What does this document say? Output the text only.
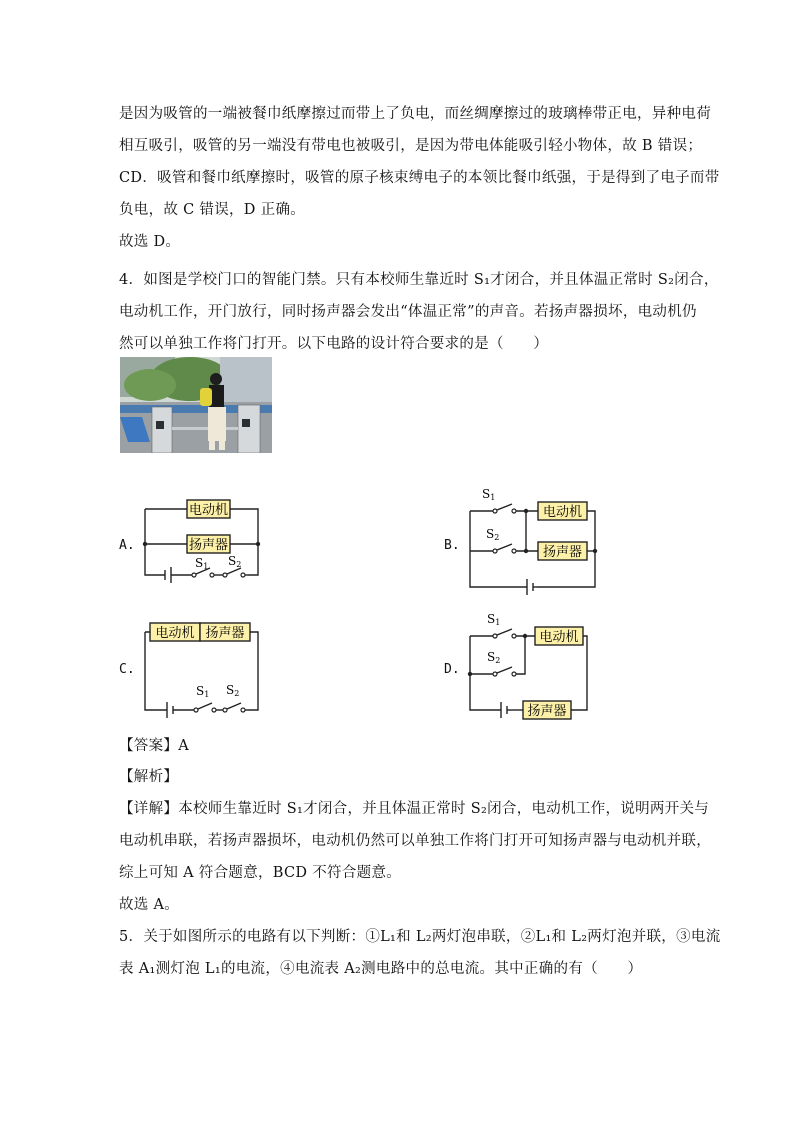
是因为吸管的一端被餐巾纸摩擦过而带上了负电，而丝绸摩擦过的玻璃棒带正电，异种电荷
相互吸引，吸管的另一端没有带电也被吸引，是因为带电体能吸引轻小物体，故 B 错误；
CD．吸管和餐巾纸摩擦时，吸管的原子核束缚电子的本领比餐巾纸强，于是得到了电子而带
负电，故 C 错误，D 正确。
故选 D。
4．如图是学校门口的智能门禁。只有本校师生靠近时 S₁才闭合，并且体温正常时 S₂闭合，
电动机工作，开门放行，同时扬声器会发出“体温正常”的声音。若扬声器损坏，电动机仍
然可以单独工作将门打开。以下电路的设计符合要求的是（　　）
A.
电动机
扬声器
S1 S2
B.
电动机
扬声器
S1
S2
C.
电动机 扬声器
S1 S2
D.
电动机
扬声器
S1
S2
【答案】A
【解析】
【详解】本校师生靠近时 S₁才闭合，并且体温正常时 S₂闭合，电动机工作，说明两开关与
电动机串联，若扬声器损坏，电动机仍然可以单独工作将门打开可知扬声器与电动机并联，
综上可知 A 符合题意，BCD 不符合题意。
故选 A。
5．关于如图所示的电路有以下判断：①L₁和 L₂两灯泡串联，②L₁和 L₂两灯泡并联，③电流
表 A₁测灯泡 L₁的电流，④电流表 A₂测电路中的总电流。其中正确的有（　　）
